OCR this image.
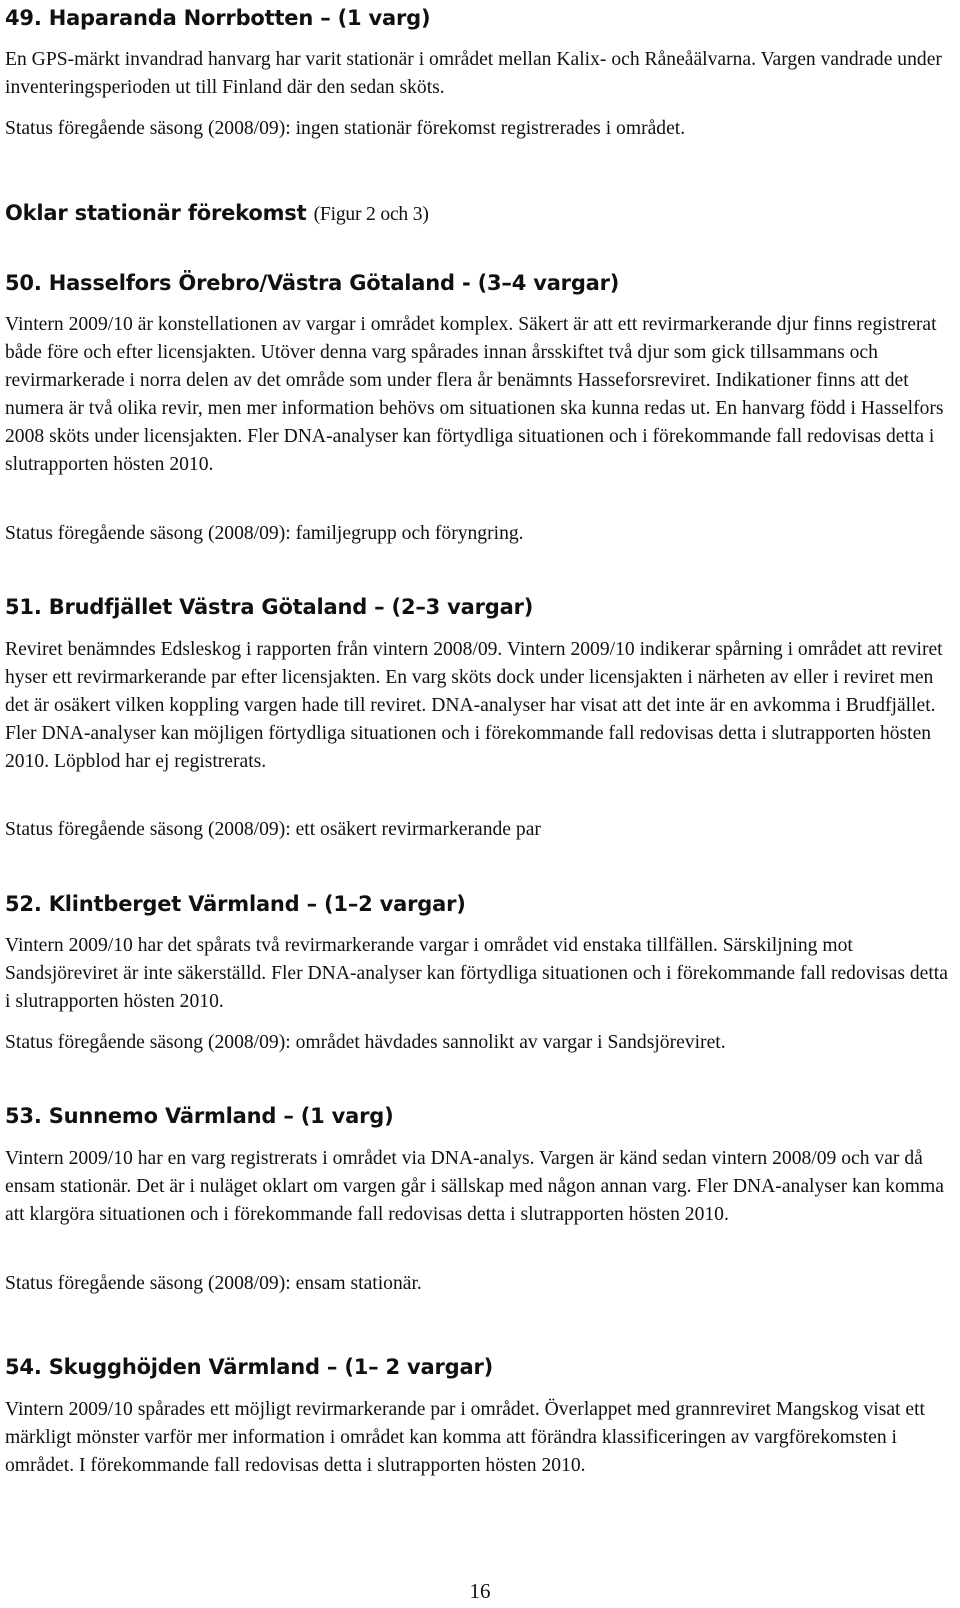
49. Haparanda Norrbotten – (1 varg)

En GPS-märkt invandrad hanvarg har varit stationär i området mellan Kalix- och Råneåälvarna. Vargen vandrade under inventeringsperioden ut till Finland där den sedan sköts.

Status föregående säsong (2008/09): ingen stationär förekomst registrerades i området.

Oklar stationär förekomst (Figur 2 och 3)
50. Hasselfors Örebro/Västra Götaland - (3–4 vargar)

Vintern 2009/10 är konstellationen av vargar i området komplex. Säkert är att ett revirmarkerande djur finns registrerat både före och efter licensjakten. Utöver denna varg spårades innan årsskiftet två djur som gick tillsammans och revirmarkerade i norra delen av det område som under flera år benämnts Hasseforsreviret. Indikationer finns att det numera är två olika revir, men mer information behövs om situationen ska kunna redas ut. En hanvarg född i Hasselfors 2008 sköts under licensjakten. Fler DNA-analyser kan förtydliga situationen och i förekommande fall redovisas detta i slutrapporten hösten 2010.

Status föregående säsong (2008/09): familjegrupp och föryngring.

51. Brudfjället Västra Götaland – (2–3 vargar)

Reviret benämndes Edsleskog i rapporten från vintern 2008/09. Vintern 2009/10 indikerar spårning i området att reviret hyser ett revirmarkerande par efter licensjakten. En varg sköts dock under licensjakten i närheten av eller i reviret men det är osäkert vilken koppling vargen hade till reviret. DNA-analyser har visat att det inte är en avkomma i Brudfjället. Fler DNA-analyser kan möjligen förtydliga situationen och i förekommande fall redovisas detta i slutrapporten hösten 2010. Löpblod har ej registrerats.

Status föregående säsong (2008/09): ett osäkert revirmarkerande par

52. Klintberget Värmland – (1–2 vargar)

Vintern 2009/10 har det spårats två revirmarkerande vargar i området vid enstaka tillfällen. Särskiljning mot Sandsjöreviret är inte säkerställd. Fler DNA-analyser kan förtydliga situationen och i förekommande fall redovisas detta i slutrapporten hösten 2010.

Status föregående säsong (2008/09): området hävdades sannolikt av vargar i Sandsjöreviret.

53. Sunnemo Värmland – (1 varg)

Vintern 2009/10 har en varg registrerats i området via DNA-analys. Vargen är känd sedan vintern 2008/09 och var då ensam stationär. Det är i nuläget oklart om vargen går i sällskap med någon annan varg. Fler DNA-analyser kan komma att klargöra situationen och i förekommande fall redovisas detta i slutrapporten hösten 2010.

Status föregående säsong (2008/09): ensam stationär.

54. Skugghöjden Värmland – (1– 2 vargar)

Vintern 2009/10 spårades ett möjligt revirmarkerande par i området. Överlappet med grannreviret Mangskog visat ett märkligt mönster varför mer information i området kan komma att förändra klassificeringen av vargförekomsten i området. I förekommande fall redovisas detta i slutrapporten hösten 2010.

16
